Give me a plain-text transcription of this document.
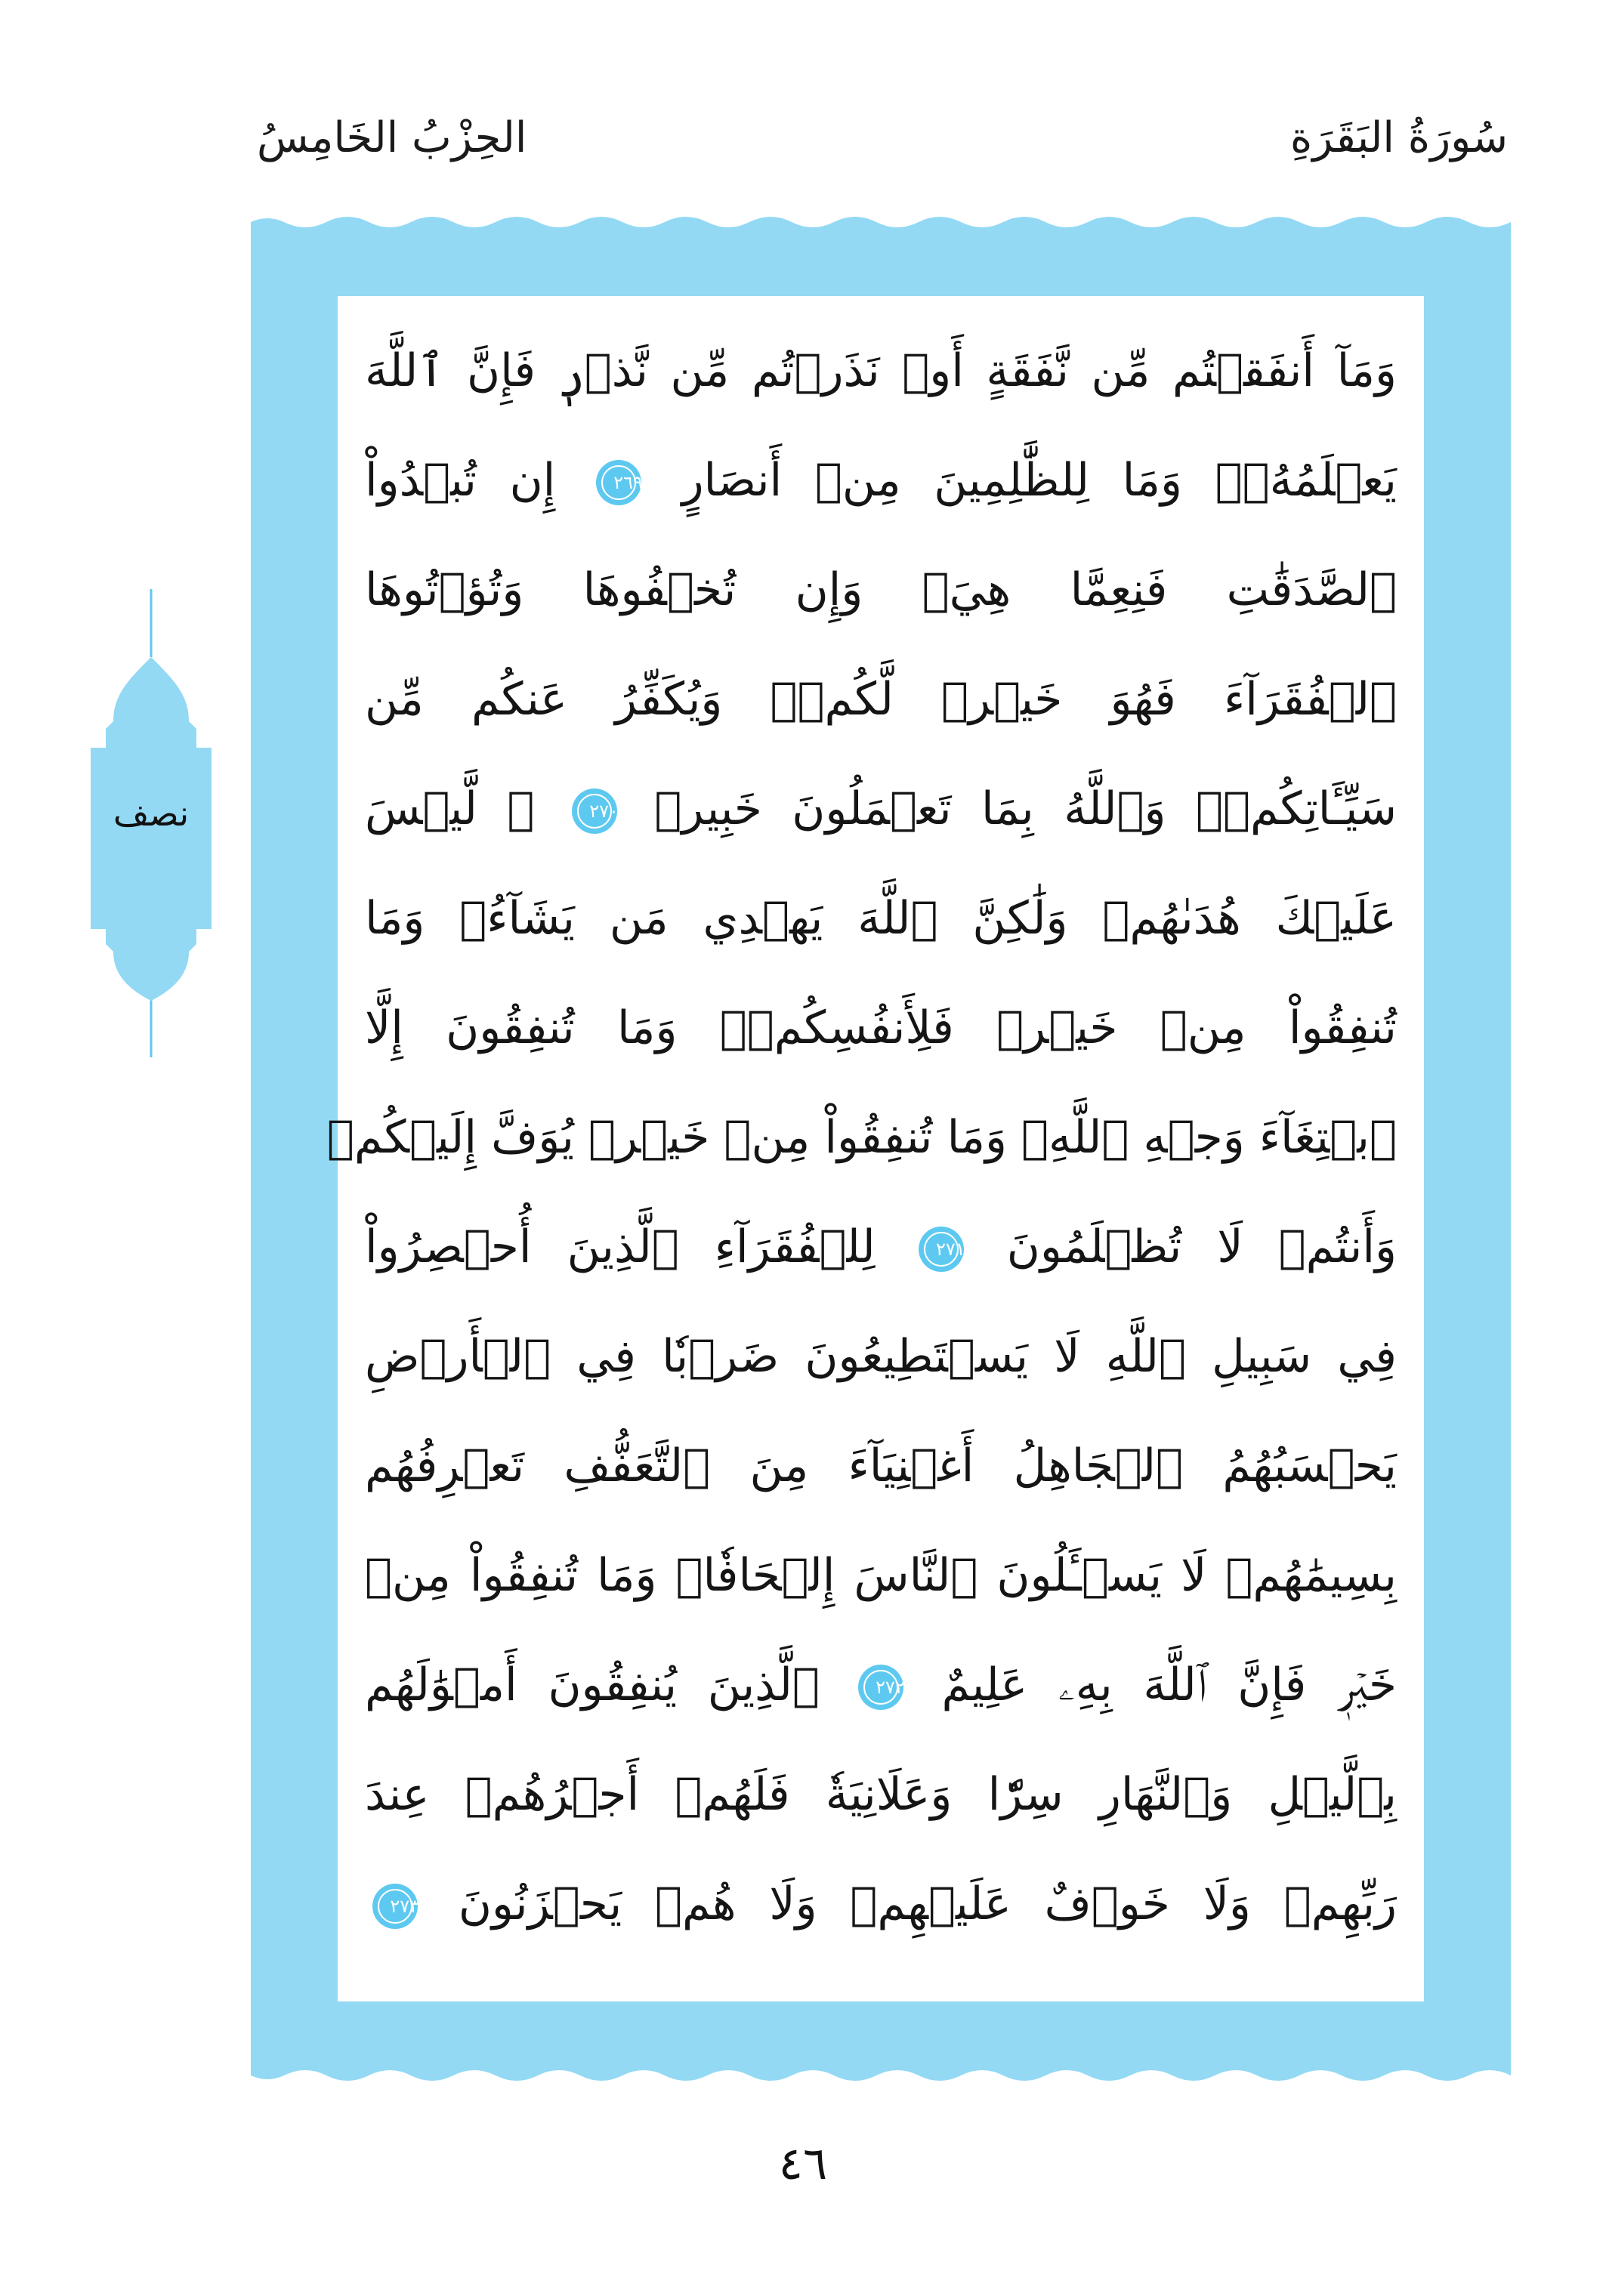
سُورَةُ البَقَرَةِ
الحِزْبُ الخَامِسُ
نصف
وَمَآ أَنفَقۡتُم مِّن نَّفَقَةٍ أَوۡ نَذَرۡتُم مِّن نَّذۡرٖ فَإِنَّ ٱللَّهَ
يَعۡلَمُهُۥۗ وَمَا لِلظَّٰلِمِينَ مِنۡ أَنصَارٍ
٢٦٩
إِن تُبۡدُواْ
ٱلصَّدَقَٰتِ فَنِعِمَّا هِيَۖ وَإِن تُخۡفُوهَا وَتُؤۡتُوهَا
ٱلۡفُقَرَآءَ فَهُوَ خَيۡرٞ لَّكُمۡۚ وَيُكَفِّرُ عَنكُم مِّن
سَيِّـَٔاتِكُمۡۗ وَٱللَّهُ بِمَا تَعۡمَلُونَ خَبِيرٞ
٢٧٠
۞ لَّيۡسَ
عَلَيۡكَ هُدَىٰهُمۡ وَلَٰكِنَّ ٱللَّهَ يَهۡدِي مَن يَشَآءُۗ وَمَا
تُنفِقُواْ مِنۡ خَيۡرٖ فَلِأَنفُسِكُمۡۚ وَمَا تُنفِقُونَ إِلَّا
ٱبۡتِغَآءَ وَجۡهِ ٱللَّهِۚ وَمَا تُنفِقُواْ مِنۡ خَيۡرٖ يُوَفَّ إِلَيۡكُمۡ
وَأَنتُمۡ لَا تُظۡلَمُونَ
٢٧١
لِلۡفُقَرَآءِ ٱلَّذِينَ أُحۡصِرُواْ
فِي سَبِيلِ ٱللَّهِ لَا يَسۡتَطِيعُونَ ضَرۡبٗا فِي ٱلۡأَرۡضِ
يَحۡسَبُهُمُ ٱلۡجَاهِلُ أَغۡنِيَآءَ مِنَ ٱلتَّعَفُّفِ تَعۡرِفُهُم
بِسِيمَٰهُمۡ لَا يَسۡـَٔلُونَ ٱلنَّاسَ إِلۡحَافٗاۗ وَمَا تُنفِقُواْ مِنۡ
خَيۡرٖ فَإِنَّ ٱللَّهَ بِهِۦ عَلِيمٌ
٢٧٢
ٱلَّذِينَ يُنفِقُونَ أَمۡوَٰلَهُم
بِٱلَّيۡلِ وَٱلنَّهَارِ سِرّٗا وَعَلَانِيَةٗ فَلَهُمۡ أَجۡرُهُمۡ عِندَ
رَبِّهِمۡ وَلَا خَوۡفٌ عَلَيۡهِمۡ وَلَا هُمۡ يَحۡزَنُونَ
٢٧٣
٤٦
